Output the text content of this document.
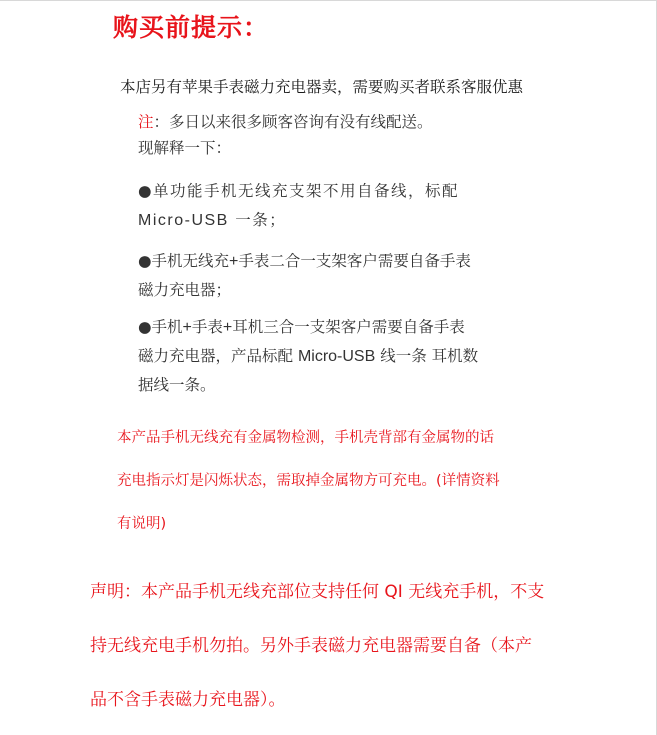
购买前提示：

本店另有苹果手表磁力充电器卖，需要购买者联系客服优惠

注：多日以来很多顾客咨询有没有线配送。

现解释一下：

●单功能手机无线充支架不用自备线，标配
Micro-USB 一条；
●手机无线充+手表二合一支架客户需要自备手表
磁力充电器；
●手机+手表+耳机三合一支架客户需要自备手表
磁力充电器，产品标配 Micro-USB 线一条 耳机数
据线一条。
本产品手机无线充有金属物检测，手机壳背部有金属物的话
充电指示灯是闪烁状态，需取掉金属物方可充电。(详情资料
有说明)
声明：本产品手机无线充部位支持任何 QI 无线充手机，不支
持无线充电手机勿拍。另外手表磁力充电器需要自备（本产
品不含手表磁力充电器）。
